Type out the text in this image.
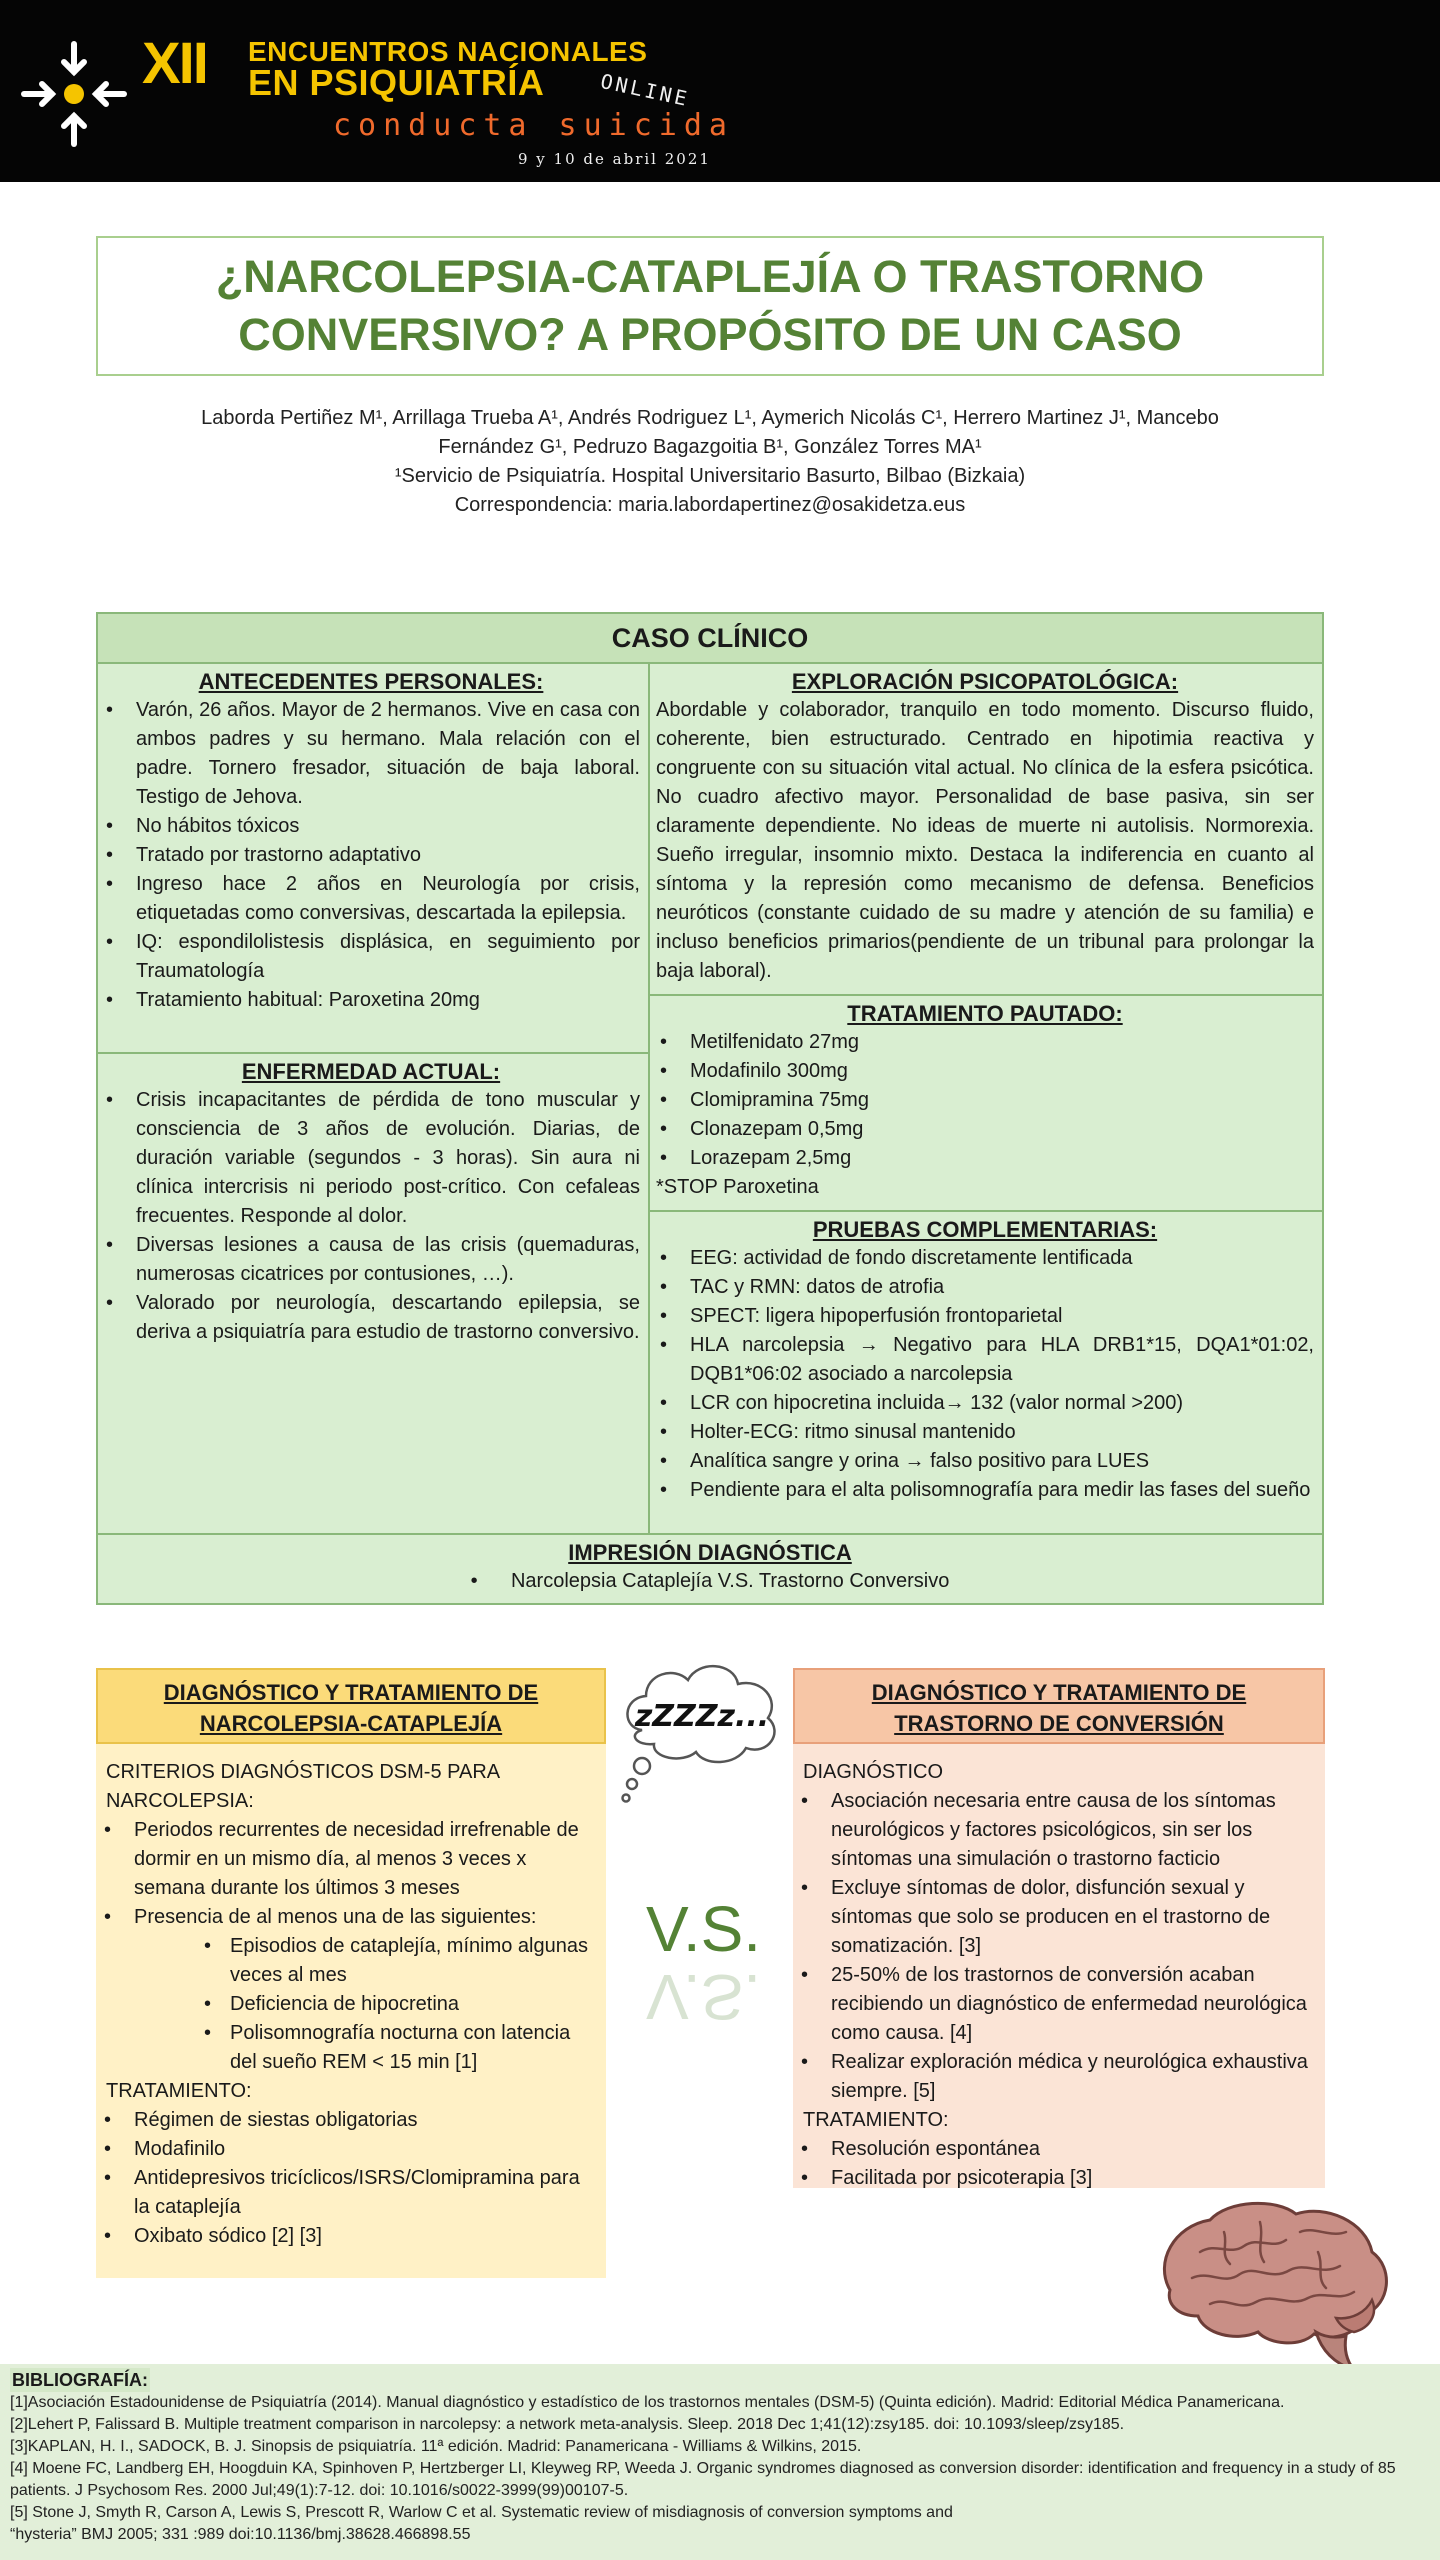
XII ENCUENTROS NACIONALES
EN PSIQUIATRÍA	ONLINE
conducta suicida
9 y 10 de abril 2021
¿NARCOLEPSIA-CATAPLEJÍA O TRASTORNO
CONVERSIVO? A PROPÓSITO DE UN CASO
Laborda Pertiñez M¹, Arrillaga Trueba A¹, Andrés Rodriguez L¹, Aymerich Nicolás C¹, Herrero Martinez J¹, Mancebo
Fernández G¹, Pedruzo Bagazgoitia B¹, González Torres MA¹
¹Servicio de Psiquiatría. Hospital Universitario Basurto, Bilbao (Bizkaia)
Correspondencia: maria.labordapertinez@osakidetza.eus
CASO CLÍNICO
ANTECEDENTES PERSONALES:
• Varón, 26 años. Mayor de 2 hermanos. Vive en casa con ambos padres y su hermano. Mala relación con el padre. Tornero fresador, situación de baja laboral. Testigo de Jehova.
• No hábitos tóxicos
• Tratado por trastorno adaptativo
• Ingreso hace 2 años en Neurología por crisis, etiquetadas como conversivas, descartada la epilepsia.
• IQ: espondilolistesis displásica, en seguimiento por Traumatología
• Tratamiento habitual: Paroxetina 20mg
ENFERMEDAD ACTUAL:
• Crisis incapacitantes de pérdida de tono muscular y consciencia de 3 años de evolución. Diarias, de duración variable (segundos - 3 horas). Sin aura ni clínica intercrisis ni periodo post-crítico. Con cefaleas frecuentes. Responde al dolor.
• Diversas lesiones a causa de las crisis (quemaduras, numerosas cicatrices por contusiones, …).
• Valorado por neurología, descartando epilepsia, se deriva a psiquiatría para estudio de trastorno conversivo.
EXPLORACIÓN PSICOPATOLÓGICA:
Abordable y colaborador, tranquilo en todo momento. Discurso fluido, coherente, bien estructurado. Centrado en hipotimia reactiva y congruente con su situación vital actual. No clínica de la esfera psicótica. No cuadro afectivo mayor. Personalidad de base pasiva, sin ser claramente dependiente. No ideas de muerte ni autolisis. Normorexia. Sueño irregular, insomnio mixto. Destaca la indiferencia en cuanto al síntoma y la represión como mecanismo de defensa. Beneficios neuróticos (constante cuidado de su madre y atención de su familia) e incluso beneficios primarios(pendiente de un tribunal para prolongar la baja laboral).
TRATAMIENTO PAUTADO:
• Metilfenidato 27mg
• Modafinilo 300mg
• Clomipramina 75mg
• Clonazepam 0,5mg
• Lorazepam 2,5mg
*STOP Paroxetina
PRUEBAS COMPLEMENTARIAS:
• EEG: actividad de fondo discretamente lentificada
• TAC y RMN: datos de atrofia
• SPECT: ligera hipoperfusión frontoparietal
• HLA narcolepsia → Negativo para HLA DRB1*15, DQA1*01:02, DQB1*06:02 asociado a narcolepsia
• LCR con hipocretina incluida→ 132 (valor normal >200)
• Holter-ECG: ritmo sinusal mantenido
• Analítica sangre y orina → falso positivo para LUES
• Pendiente para el alta polisomnografía para medir las fases del sueño
IMPRESIÓN DIAGNÓSTICA
•      Narcolepsia Cataplejía V.S. Trastorno Conversivo
DIAGNÓSTICO Y TRATAMIENTO DE
NARCOLEPSIA-CATAPLEJÍA
CRITERIOS DIAGNÓSTICOS DSM-5 PARA NARCOLEPSIA:
• Periodos recurrentes de necesidad irrefrenable de dormir en un mismo día, al menos 3 veces x semana durante los últimos 3 meses
• Presencia de al menos una de las siguientes:
• Episodios de cataplejía, mínimo algunas veces al mes
• Deficiencia de hipocretina
• Polisomnografía nocturna con latencia del sueño REM < 15 min [1]
TRATAMIENTO:
• Régimen de siestas obligatorias
• Modafinilo
• Antidepresivos tricíclicos/ISRS/Clomipramina para la cataplejía
• Oxibato sódico [2] [3]
zZZZz...
V.S.
V.S.
DIAGNÓSTICO Y TRATAMIENTO DE
TRASTORNO DE CONVERSIÓN
DIAGNÓSTICO
• Asociación necesaria entre causa de los síntomas neurológicos y factores psicológicos, sin ser los síntomas una simulación o trastorno facticio
• Excluye síntomas de dolor, disfunción sexual y síntomas que solo se producen en el trastorno de somatización. [3]
• 25-50% de los trastornos de conversión acaban recibiendo un diagnóstico de enfermedad neurológica como causa. [4]
• Realizar exploración médica y neurológica exhaustiva siempre. [5]
TRATAMIENTO:
• Resolución espontánea
• Facilitada por psicoterapia [3]
BIBLIOGRAFÍA:
[1]Asociación Estadounidense de Psiquiatría (2014). Manual diagnóstico y estadístico de los trastornos mentales (DSM-5) (Quinta edición). Madrid: Editorial Médica Panamericana.
[2]Lehert P, Falissard B. Multiple treatment comparison in narcolepsy: a network meta-analysis. Sleep. 2018 Dec 1;41(12):zsy185. doi: 10.1093/sleep/zsy185.
[3]KAPLAN, H. I., SADOCK, B. J. Sinopsis de psiquiatría. 11ª edición. Madrid: Panamericana - Williams & Wilkins, 2015.
[4] Moene FC, Landberg EH, Hoogduin KA, Spinhoven P, Hertzberger LI, Kleyweg RP, Weeda J. Organic syndromes diagnosed as conversion disorder: identification and frequency in a study of 85 patients. J Psychosom Res. 2000 Jul;49(1):7-12. doi: 10.1016/s0022-3999(99)00107-5.
[5] Stone J, Smyth R, Carson A, Lewis S, Prescott R, Warlow C et al. Systematic review of misdiagnosis of conversion symptoms and
“hysteria” BMJ 2005; 331 :989 doi:10.1136/bmj.38628.466898.55
